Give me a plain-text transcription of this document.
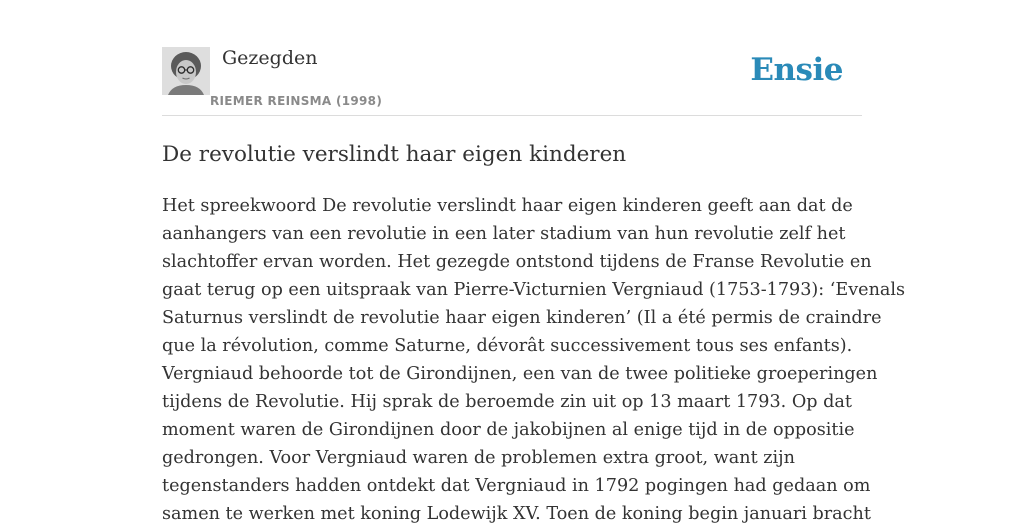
Gezegden
RIEMER REINSMA (1998)
Ensie
De revolutie verslindt haar eigen kinderen
Het spreekwoord De revolutie verslindt haar eigen kinderen geeft aan dat de
aanhangers van een revolutie in een later stadium van hun revolutie zelf het
slachtoffer ervan worden. Het gezegde ontstond tijdens de Franse Revolutie en
gaat terug op een uitspraak van Pierre-Victurnien Vergniaud (1753-1793): ‘Evenals
Saturnus verslindt de revolutie haar eigen kinderen’ (Il a été permis de craindre
que la révolution, comme Saturne, dévorât successivement tous ses enfants).
Vergniaud behoorde tot de Girondijnen, een van de twee politieke groeperingen
tijdens de Revolutie. Hij sprak de beroemde zin uit op 13 maart 1793. Op dat
moment waren de Girondijnen door de jakobijnen al enige tijd in de oppositie
gedrongen. Voor Vergniaud waren de problemen extra groot, want zijn
tegenstanders hadden ontdekt dat Vergniaud in 1792 pogingen had gedaan om
samen te werken met koning Lodewijk XV. Toen de koning begin januari bracht
